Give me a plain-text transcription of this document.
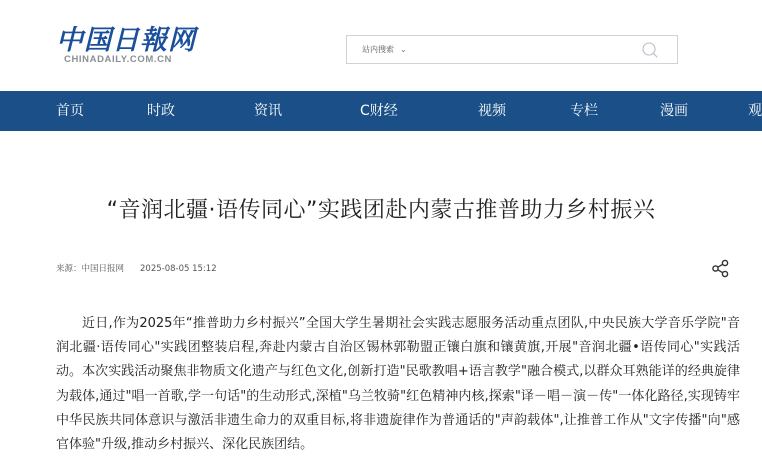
中国日報网
CHINADAILY.COM.CN
站内搜索 ⌄
首页	时政	资讯	C财经	视频	专栏	漫画	观
“音润北疆·语传同心”实践团赴内蒙古推普助力乡村振兴
来源：中国日报网 2025-08-05 15:12

近日,作为2025年“推普助力乡村振兴”全国大学生暑期社会实践志愿服务活动重点团队,中央民族大学音乐学院"音润北疆·语传同心"实践团整装启程,奔赴内蒙古自治区锡林郭勒盟正镶白旗和镶黄旗,开展"音润北疆•语传同心"实践活动。本次实践活动聚焦非物质文化遗产与红色文化,创新打造"民歌教唱+语言教学"融合模式,以群众耳熟能详的经典旋律为载体,通过"唱一首歌,学一句话"的生动形式,深植"乌兰牧骑"红色精神内核,探索"译－唱－演－传"一体化路径,实现铸牢中华民族共同体意识与激活非遗生命力的双重目标,将非遗旋律作为普通话的"声韵载体",让推普工作从"文字传播"向"感官体验"升级,推动乡村振兴、深化民族团结。
